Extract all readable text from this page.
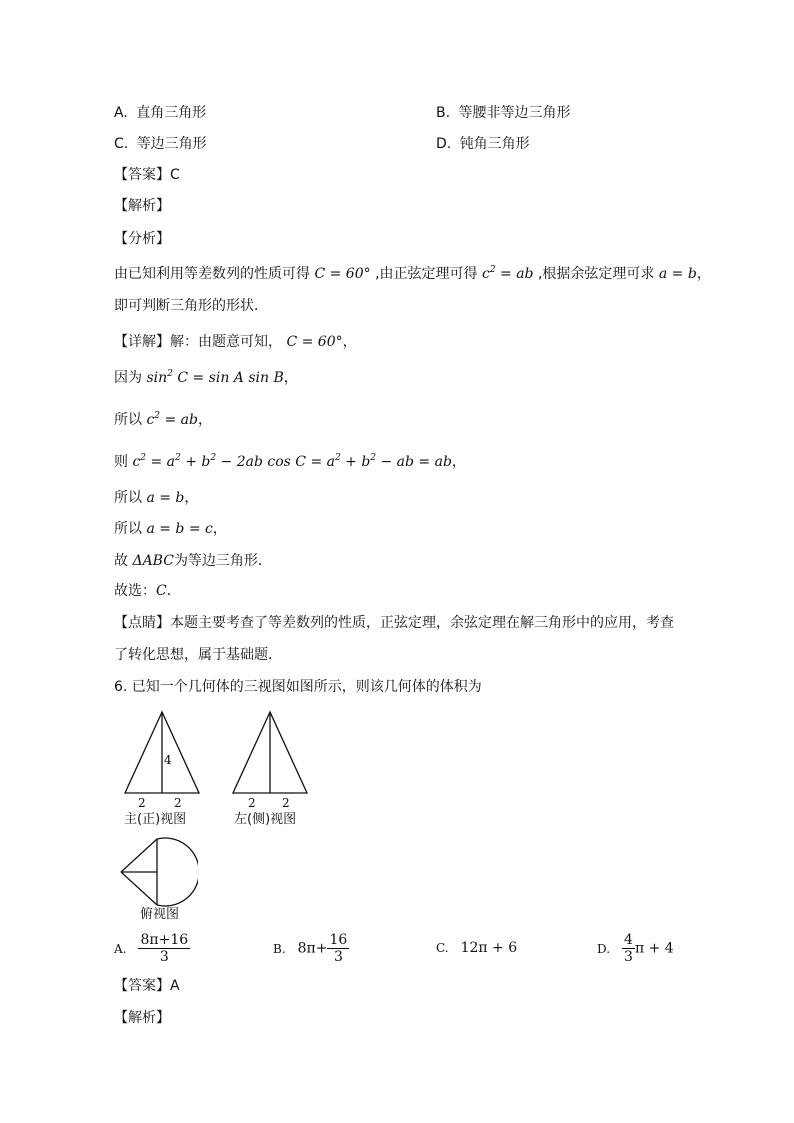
A. 直角三角形	B. 等腰非等边三角形
C. 等边三角形	D. 钝角三角形
【答案】C
【解析】
【分析】
由已知利用等差数列的性质可得 C = 60° ,由正弦定理可得 $c^2$ = ab ,根据余弦定理可求 a = b，
即可判断三角形的形状．
【详解】解：由题意可知， C = 60°，
因为 $\sin^2 C = \sin A$ sin B，
所以 $c^2$ = ab，
则 $c^2 = a^2 + b^2 - 2ab$ $\cos C = a^2 + b^2$ − ab = ab，
所以 a = b，
所以 a = b = c，
故 ΔABC为等边三角形．
故选：C．
【点睛】本题主要考查了等差数列的性质，正弦定理，余弦定理在解三角形中的应用，考查
了转化思想，属于基础题．
6. 已知一个几何体的三视图如图所示，则该几何体的体积为
4
2 2
主(正)视图
2 2
左(侧)视图
俯视图
A. $\frac{8\pi+16}{3}$	B. $8\pi+ \frac{16}{3}$	C. 12π + 6	D. $\frac{4}{3}$ π + 4
【答案】A
【解析】
